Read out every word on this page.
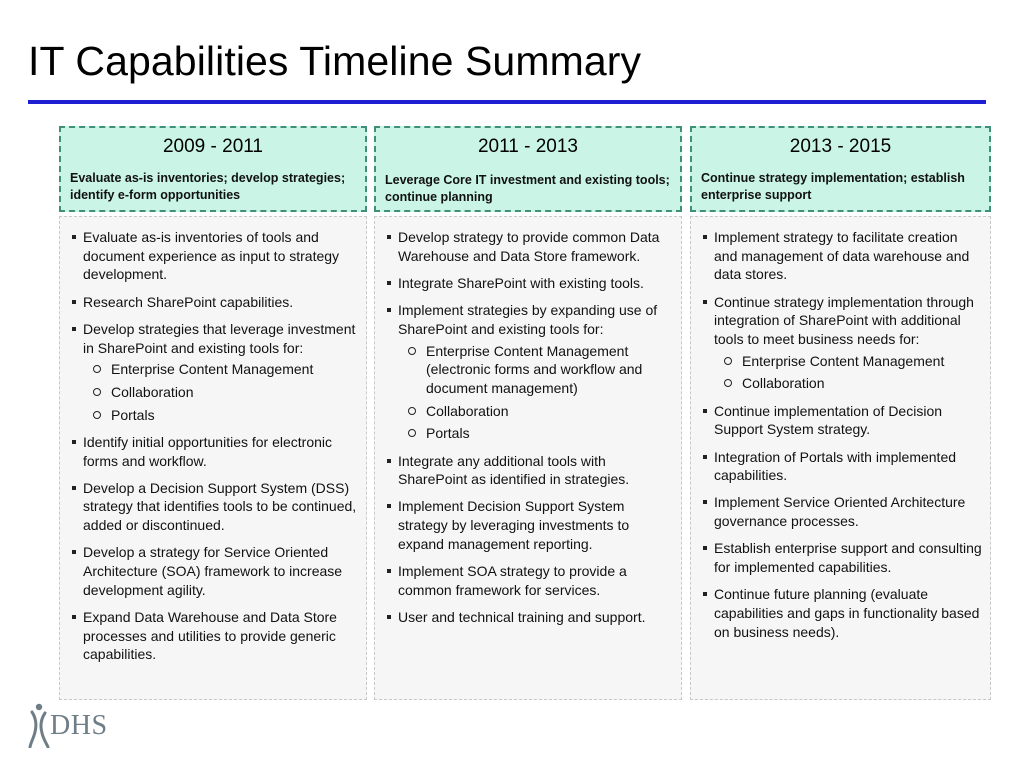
IT Capabilities Timeline Summary
2009 - 2011
Evaluate as-is inventories; develop strategies; identify e-form opportunities
Evaluate as-is inventories of tools and document experience as input to strategy development.
Research SharePoint capabilities.
Develop strategies that leverage investment in SharePoint and existing tools for:
Enterprise Content Management
Collaboration
Portals
Identify initial opportunities for electronic forms and workflow.
Develop a Decision Support System (DSS) strategy that identifies tools to be continued, added or discontinued.
Develop a strategy for Service Oriented Architecture (SOA) framework to increase development agility.
Expand Data Warehouse and Data Store processes and utilities to provide generic capabilities.
2011 - 2013
Leverage Core IT investment and existing tools; continue planning
Develop strategy to provide common Data Warehouse and Data Store framework.
Integrate SharePoint with existing tools.
Implement strategies by expanding use of SharePoint and existing tools for:
Enterprise Content Management (electronic forms and workflow and document management)
Collaboration
Portals
Integrate any additional tools with SharePoint as identified in strategies.
Implement Decision Support System strategy by leveraging investments to expand management reporting.
Implement SOA strategy to provide a common framework for services.
User and technical training and support.
2013 - 2015
Continue strategy implementation; establish enterprise support
Implement strategy to facilitate creation and management of data warehouse and data stores.
Continue strategy implementation through integration of SharePoint with additional tools to meet business needs for:
Enterprise Content Management
Collaboration
Continue implementation of Decision Support System strategy.
Integration of Portals with implemented capabilities.
Implement Service Oriented Architecture governance processes.
Establish enterprise support and consulting for implemented capabilities.
Continue future planning (evaluate capabilities and gaps in functionality based on business needs).
DHS
